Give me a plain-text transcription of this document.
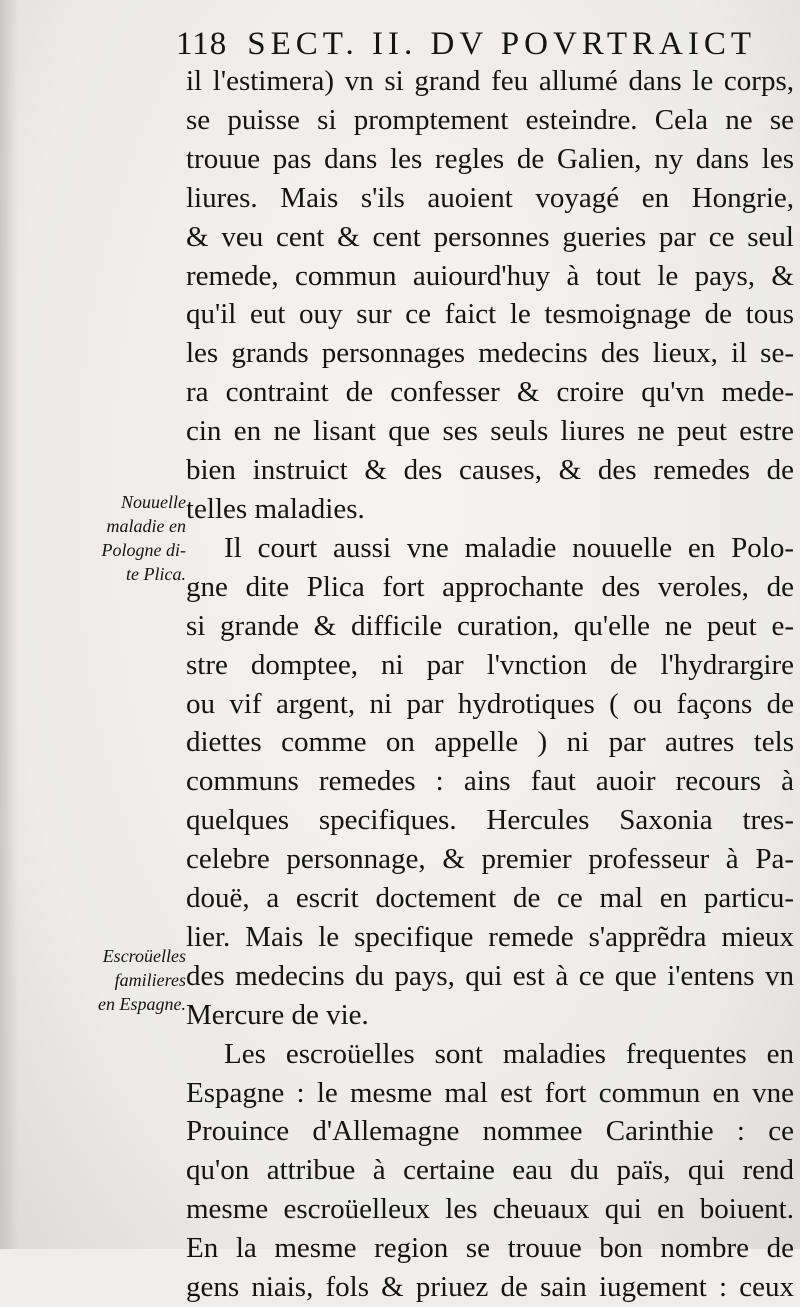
118 SECT. II. DV POVRTRAICT
il l'estimera) vn si grand feu allumé dans le corps,
se puisse si promptement esteindre. Cela ne se
trouue pas dans les regles de Galien, ny dans les
liures. Mais s'ils auoient voyagé en Hongrie,
& veu cent & cent personnes gueries par ce seul
remede, commun auiourd'huy à tout le pays, &
qu'il eut ouy sur ce faict le tesmoignage de tous
les grands personnages medecins des lieux, il se-
ra contraint de confesser & croire qu'vn mede-
cin en ne lisant que ses seuls liures ne peut estre
bien instruict & des causes, & des remedes de
telles maladies.
Il court aussi vne maladie nouuelle en Polo-
gne dite Plica fort approchante des veroles, de
si grande & difficile curation, qu'elle ne peut e-
stre domptee, ni par l'vnction de l'hydrargire
ou vif argent, ni par hydrotiques ( ou façons de
diettes comme on appelle ) ni par autres tels
communs remedes : ains faut auoir recours à
quelques specifiques. Hercules Saxonia tres-
celebre personnage, & premier professeur à Pa-
douë, a escrit doctement de ce mal en particu-
lier. Mais le specifique remede s'apprẽdra mieux
des medecins du pays, qui est à ce que i'entens vn
Mercure de vie.
Les escroüelles sont maladies frequentes en
Espagne : le mesme mal est fort commun en vne
Prouince d'Allemagne nommee Carinthie : ce
qu'on attribue à certaine eau du païs, qui rend
mesme escroüelleux les cheuaux qui en boiuent.
En la mesme region se trouue bon nombre de
gens niais, fols & priuez de sain iugement : ceux
Nouuelle
maladie en
Pologne di-
te Plica.
Escroüelles
familieres
en Espagne.
